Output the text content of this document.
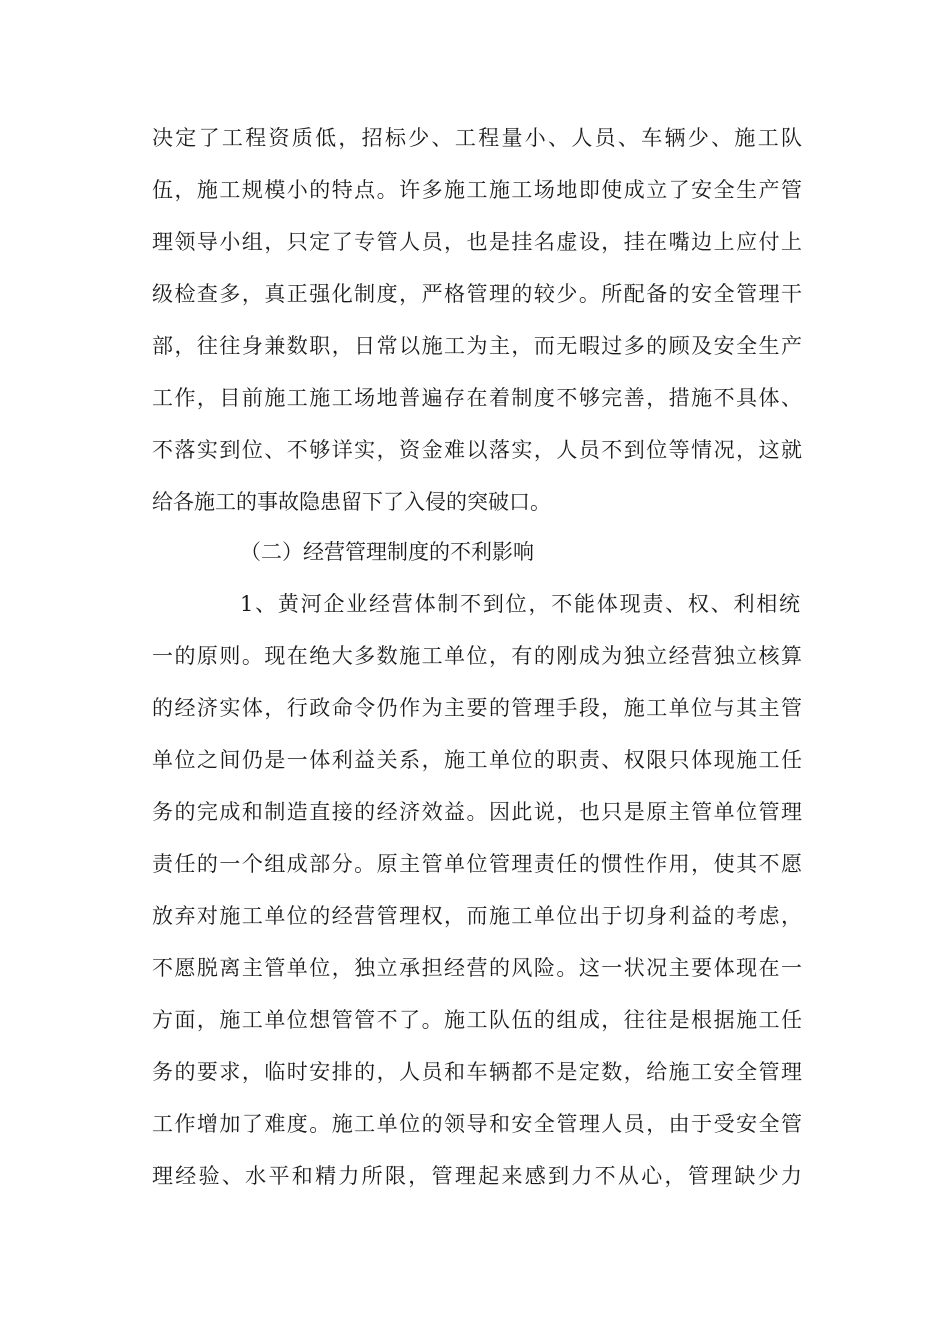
决定了工程资质低，招标少、工程量小、人员、车辆少、施工队
伍，施工规模小的特点。许多施工施工场地即使成立了安全生产管
理领导小组，只定了专管人员，也是挂名虚设，挂在嘴边上应付上
级检查多，真正强化制度，严格管理的较少。所配备的安全管理干
部，往往身兼数职，日常以施工为主，而无暇过多的顾及安全生产
工作，目前施工施工场地普遍存在着制度不够完善，措施不具体、
不落实到位、不够详实，资金难以落实，人员不到位等情况，这就
给各施工的事故隐患留下了入侵的突破口。
（二）经营管理制度的不利影响
1、黄河企业经营体制不到位，不能体现责、权、利相统
一的原则。现在绝大多数施工单位，有的刚成为独立经营独立核算
的经济实体，行政命令仍作为主要的管理手段，施工单位与其主管
单位之间仍是一体利益关系，施工单位的职责、权限只体现施工任
务的完成和制造直接的经济效益。因此说，也只是原主管单位管理
责任的一个组成部分。原主管单位管理责任的惯性作用，使其不愿
放弃对施工单位的经营管理权，而施工单位出于切身利益的考虑，
不愿脱离主管单位，独立承担经营的风险。这一状况主要体现在一
方面，施工单位想管管不了。施工队伍的组成，往往是根据施工任
务的要求，临时安排的，人员和车辆都不是定数，给施工安全管理
工作增加了难度。施工单位的领导和安全管理人员，由于受安全管
理经验、水平和精力所限，管理起来感到力不从心，管理缺少力
